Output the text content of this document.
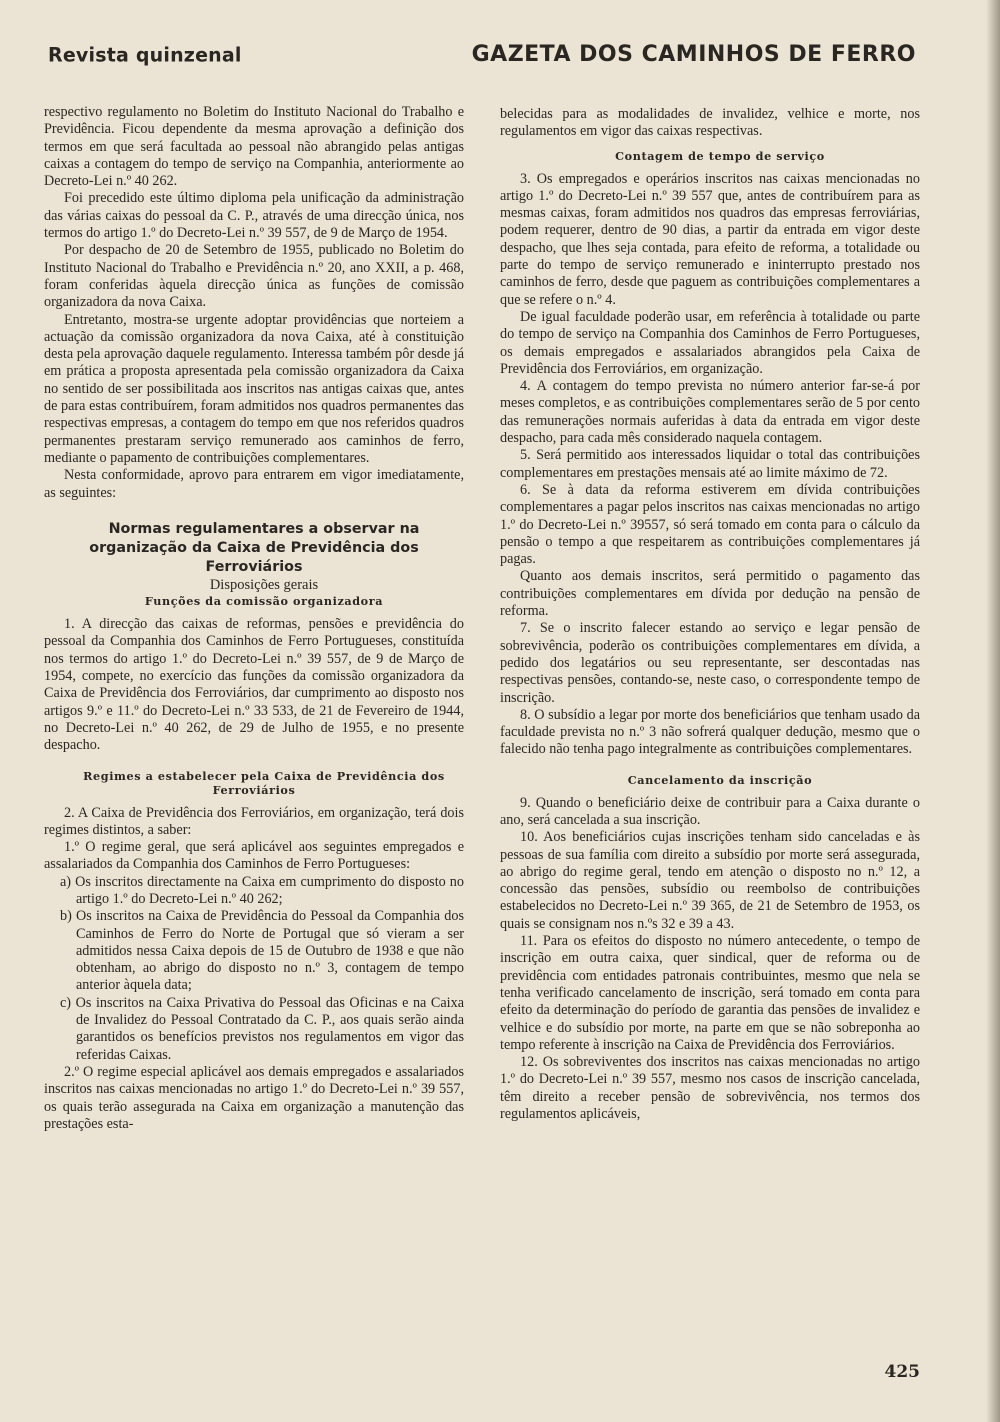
Revista quinzenal	GAZETA DOS CAMINHOS DE FERRO

respectivo regulamento no Boletim do Instituto Nacional do Trabalho e Previdência. Ficou dependente da mesma aprovação a definição dos termos em que será facultada ao pessoal não abrangido pelas antigas caixas a contagem do tempo de serviço na Companhia, anteriormente ao Decreto-Lei n.º 40 262.

Foi precedido este último diploma pela unificação da administração das várias caixas do pessoal da C. P., através de uma direcção única, nos termos do artigo 1.º do Decreto-Lei n.º 39 557, de 9 de Março de 1954.

Por despacho de 20 de Setembro de 1955, publicado no Boletim do Instituto Nacional do Trabalho e Previdência n.º 20, ano XXII, a p. 468, foram conferidas àquela direcção única as funções de comissão organizadora da nova Caixa.

Entretanto, mostra-se urgente adoptar providências que norteiem a actuação da comissão organizadora da nova Caixa, até à constituição desta pela aprovação daquele regulamento. Interessa também pôr desde já em prática a proposta apresentada pela comissão organizadora da Caixa no sentido de ser possibilitada aos inscritos nas antigas caixas que, antes de para estas contribuírem, foram admitidos nos quadros permanentes das respectivas empresas, a contagem do tempo em que nos referidos quadros permanentes prestaram serviço remunerado aos caminhos de ferro, mediante o papamento de contribuições complementares.

Nesta conformidade, aprovo para entrarem em vigor imediatamente, as seguintes:

Normas regulamentares a observar na organização da Caixa de Previdência dos Ferroviários

Disposições gerais

Funções da comissão organizadora

1. A direcção das caixas de reformas, pensões e previdência do pessoal da Companhia dos Caminhos de Ferro Portugueses, constituída nos termos do artigo 1.º do Decreto-Lei n.º 39 557, de 9 de Março de 1954, compete, no exercício das funções da comissão organizadora da Caixa de Previdência dos Ferroviários, dar cumprimento ao disposto nos artigos 9.º e 11.º do Decreto-Lei n.º 33 533, de 21 de Fevereiro de 1944, no Decreto-Lei n.º 40 262, de 29 de Julho de 1955, e no presente despacho.

Regimes a estabelecer pela Caixa de Previdência dos Ferroviários

2. A Caixa de Previdência dos Ferroviários, em organização, terá dois regimes distintos, a saber:

1.º O regime geral, que será aplicável aos seguintes empregados e assalariados da Companhia dos Caminhos de Ferro Portugueses:

a) Os inscritos directamente na Caixa em cumprimento do disposto no artigo 1.º do Decreto-Lei n.º 40 262;

b) Os inscritos na Caixa de Previdência do Pessoal da Companhia dos Caminhos de Ferro do Norte de Portugal que só vieram a ser admitidos nessa Caixa depois de 15 de Outubro de 1938 e que não obtenham, ao abrigo do disposto no n.º 3, contagem de tempo anterior àquela data;

c) Os inscritos na Caixa Privativa do Pessoal das Oficinas e na Caixa de Invalidez do Pessoal Contratado da C. P., aos quais serão ainda garantidos os benefícios previstos nos regulamentos em vigor das referidas Caixas.

2.º O regime especial aplicável aos demais empregados e assalariados inscritos nas caixas mencionadas no artigo 1.º do Decreto-Lei n.º 39 557, os quais terão assegurada na Caixa em organização a manutenção das prestações esta-

belecidas para as modalidades de invalidez, velhice e morte, nos regulamentos em vigor das caixas respectivas.

Contagem de tempo de serviço

3. Os empregados e operários inscritos nas caixas mencionadas no artigo 1.º do Decreto-Lei n.º 39 557 que, antes de contribuírem para as mesmas caixas, foram admitidos nos quadros das empresas ferroviárias, podem requerer, dentro de 90 dias, a partir da entrada em vigor deste despacho, que lhes seja contada, para efeito de reforma, a totalidade ou parte do tempo de serviço remunerado e ininterrupto prestado nos caminhos de ferro, desde que paguem as contribuições complementares a que se refere o n.º 4.

De igual faculdade poderão usar, em referência à totalidade ou parte do tempo de serviço na Companhia dos Caminhos de Ferro Portugueses, os demais empregados e assalariados abrangidos pela Caixa de Previdência dos Ferroviários, em organização.

4. A contagem do tempo prevista no número anterior far-se-á por meses completos, e as contribuições complementares serão de 5 por cento das remunerações normais auferidas à data da entrada em vigor deste despacho, para cada mês considerado naquela contagem.

5. Será permitido aos interessados liquidar o total das contribuições complementares em prestações mensais até ao limite máximo de 72.

6. Se à data da reforma estiverem em dívida contribuições complementares a pagar pelos inscritos nas caixas mencionadas no artigo 1.º do Decreto-Lei n.º 39557, só será tomado em conta para o cálculo da pensão o tempo a que respeitarem as contribuições complementares já pagas.

Quanto aos demais inscritos, será permitido o pagamento das contribuições complementares em dívida por dedução na pensão de reforma.

7. Se o inscrito falecer estando ao serviço e legar pensão de sobrevivência, poderão os contribuições complementares em dívida, a pedido dos legatários ou seu representante, ser descontadas nas respectivas pensões, contando-se, neste caso, o correspondente tempo de inscrição.

8. O subsídio a legar por morte dos beneficiários que tenham usado da faculdade prevista no n.º 3 não sofrerá qualquer dedução, mesmo que o falecido não tenha pago integralmente as contribuições complementares.

Cancelamento da inscrição

9. Quando o beneficiário deixe de contribuir para a Caixa durante o ano, será cancelada a sua inscrição.

10. Aos beneficiários cujas inscrições tenham sido canceladas e às pessoas de sua família com direito a subsídio por morte será assegurada, ao abrigo do regime geral, tendo em atenção o disposto no n.º 12, a concessão das pensões, subsídio ou reembolso de contribuições estabelecidos no Decreto-Lei n.º 39 365, de 21 de Setembro de 1953, os quais se consignam nos n.ºs 32 e 39 a 43.

11. Para os efeitos do disposto no número antecedente, o tempo de inscrição em outra caixa, quer sindical, quer de reforma ou de previdência com entidades patronais contribuintes, mesmo que nela se tenha verificado cancelamento de inscrição, será tomado em conta para efeito da determinação do período de garantia das pensões de invalidez e velhice e do subsídio por morte, na parte em que se não sobreponha ao tempo referente à inscrição na Caixa de Previdência dos Ferroviários.

12. Os sobreviventes dos inscritos nas caixas mencionadas no artigo 1.º do Decreto-Lei n.º 39 557, mesmo nos casos de inscrição cancelada, têm direito a receber pensão de sobrevivência, nos termos dos regulamentos aplicáveis,

425
